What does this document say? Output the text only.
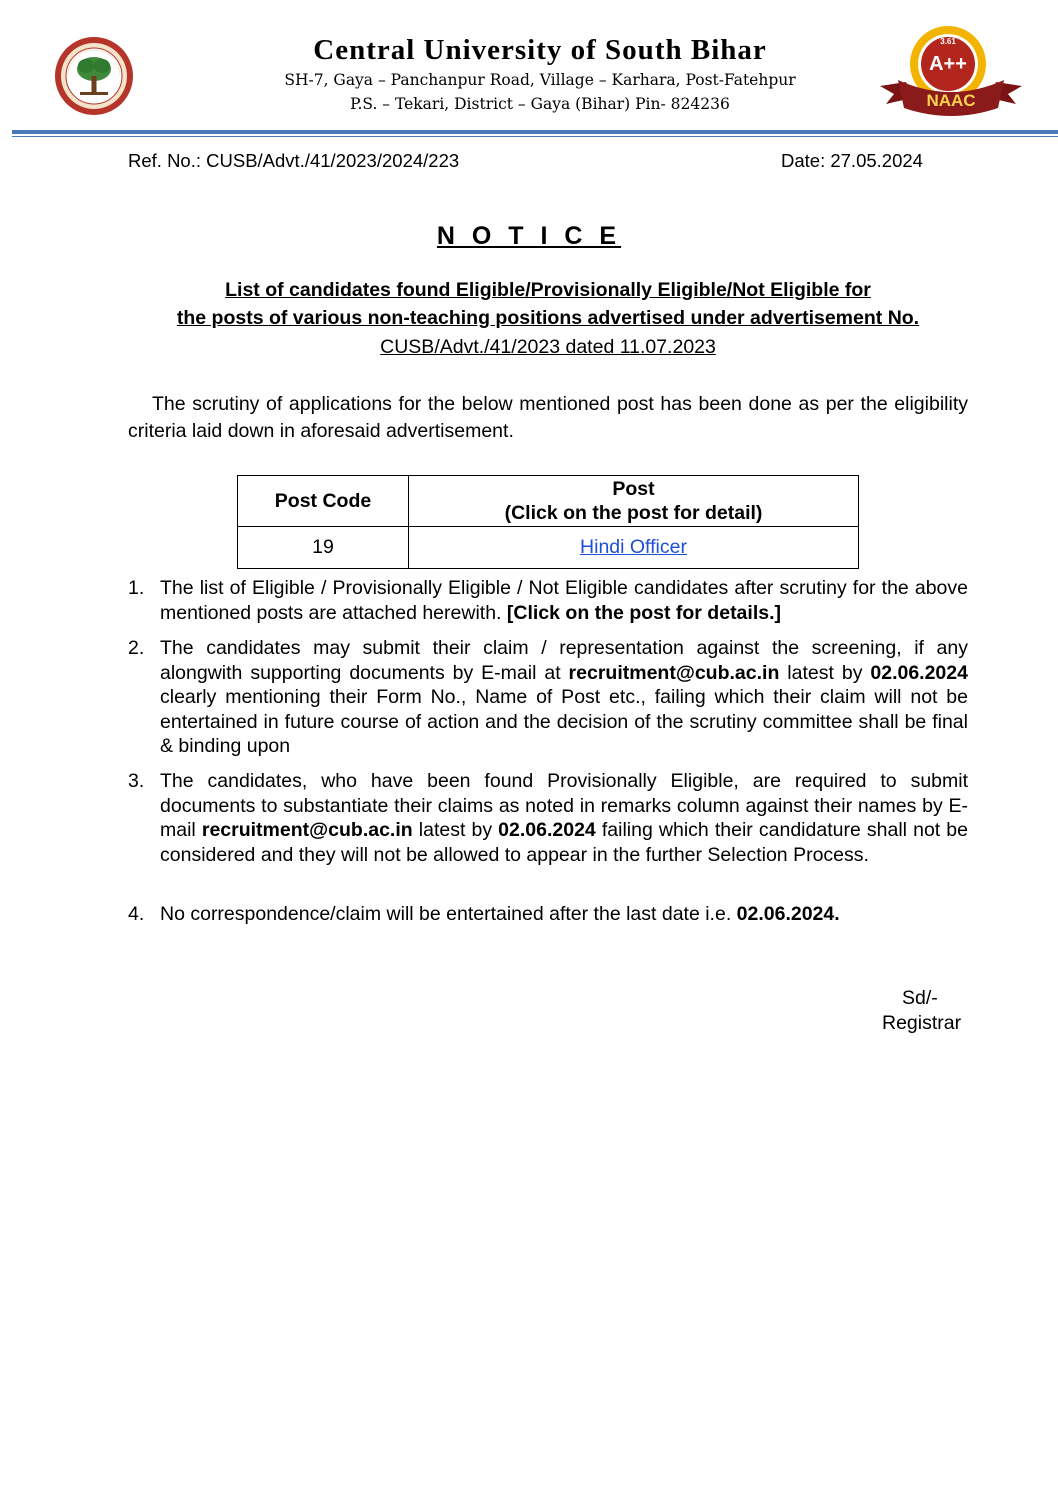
Central University of South Bihar
SH-7, Gaya – Panchanpur Road, Village – Karhara, Post-Fatehpur
P.S. – Tekari, District – Gaya (Bihar) Pin- 824236
3.61
A++
NAAC
Ref. No.: CUSB/Advt./41/2023/2024/223	Date: 27.05.2024
N O T I C E
List of candidates found Eligible/Provisionally Eligible/Not Eligible for
the posts of various non-teaching positions advertised under advertisement No.
CUSB/Advt./41/2023 dated 11.07.2023
The scrutiny of applications for the below mentioned post has been done as per the eligibility criteria laid down in aforesaid advertisement.
Post Code	Post
(Click on the post for detail)
19	Hindi Officer
1. The list of Eligible / Provisionally Eligible / Not Eligible candidates after scrutiny for the above mentioned posts are attached herewith. [Click on the post for details.]
2. The candidates may submit their claim / representation against the screening, if any alongwith supporting documents by E-mail at recruitment@cub.ac.in latest by 02.06.2024 clearly mentioning their Form No., Name of Post etc., failing which their claim will not be entertained in future course of action and the decision of the scrutiny committee shall be final & binding upon
3. The candidates, who have been found Provisionally Eligible, are required to submit documents to substantiate their claims as noted in remarks column against their names by E-mail recruitment@cub.ac.in latest by 02.06.2024 failing which their candidature shall not be considered and they will not be allowed to appear in the further Selection Process.
4. No correspondence/claim will be entertained after the last date i.e. 02.06.2024.
Sd/-
Registrar
